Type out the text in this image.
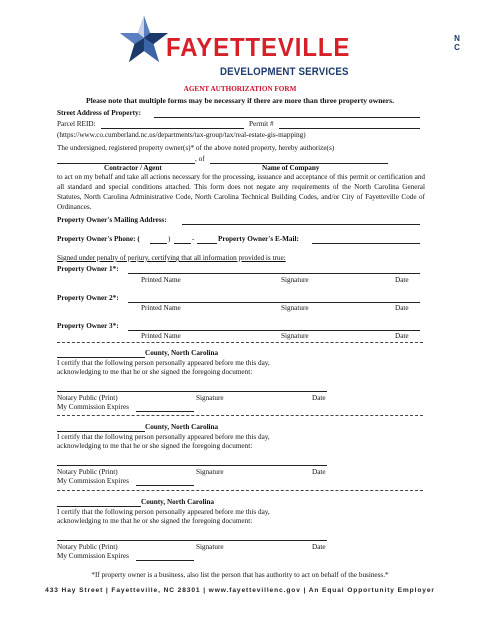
FAYETTEVILLE	N C
DEVELOPMENT SERVICES
AGENT AUTHORIZATION FORM
Please note that multiple forms may be necessary if there are more than three property owners.
Street Address of Property:
Parcel REID:	Permit #
(https://www.co.cumberland.nc.us/departments/tax-group/tax/real-estate-gis-mapping)
The undersigned, registered property owner(s)* of the above noted property, hereby authorize(s)
, of
Contractor / Agent	Name of Company
to act on my behalf and take all actions necessary for the processing, issuance and acceptance of this permit or certification and all standard and special conditions attached. This form does not negate any requirements of the North Carolina General Statutes, North Carolina Administrative Code, North Carolina Technical Building Codes, and/or City of Fayetteville Code of Ordinances.
Property Owner's Mailing Address:
Property Owner's Phone: (	)	-	Property Owner's E-Mail:
Signed under penalty of perjury, certifying that all information provided is true:
Property Owner 1*:
Printed Name	Signature	Date
Property Owner 2*:
Printed Name	Signature	Date
Property Owner 3*:
Printed Name	Signature	Date
County, North Carolina
I certify that the following person personally appeared before me this day,
acknowledging to me that he or she signed the foregoing document:
Notary Public (Print)	Signature	Date
My Commission Expires
County, North Carolina
I certify that the following person personally appeared before me this day,
acknowledging to me that he or she signed the foregoing document:
Notary Public (Print)	Signature	Date
My Commission Expires
County, North Carolina
I certify that the following person personally appeared before me this day,
acknowledging to me that he or she signed the foregoing document:
Notary Public (Print)	Signature	Date
My Commission Expires
*If property owner is a business, also list the person that has authority to act on behalf of the business.*
433 Hay Street | Fayetteville, NC 28301 | www.fayettevillenc.gov | An Equal Opportunity Employer
